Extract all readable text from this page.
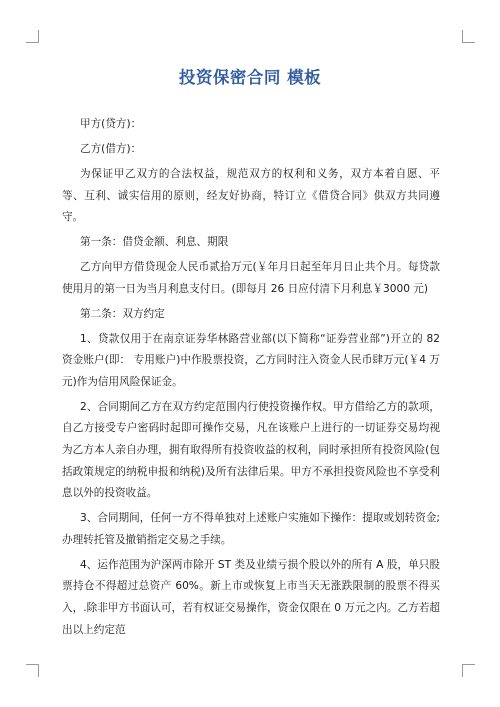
投资保密合同 模板

甲方(贷方)：

乙方(借方)：

为保证甲乙双方的合法权益，规范双方的权利和义务，双方本着自愿、平等、互利、诚实信用的原则，经友好协商，特订立《借贷合同》供双方共同遵守。

第一条：借贷金额、利息、期限

乙方向甲方借贷现金人民币贰拾万元(￥年月日起至年月日止共个月。每贷款使用月的第一日为当月利息支付日。(即每月 26 日应付清下月利息￥3000 元)

第二条：双方约定

1、贷款仅用于在南京证券华林路营业部(以下简称“证券营业部”)开立的 82 资金账户(即： 专用账户)中作股票投资，乙方同时注入资金人民币肆万元(￥4 万元)作为信用风险保证金。

2、合同期间乙方在双方约定范围内行使投资操作权。甲方借给乙方的款项，自乙方接受专户密码时起即可操作交易，凡在该账户上进行的一切证券交易均视为乙方本人亲自办理，拥有取得所有投资收益的权利，同时承担所有投资风险(包括政策规定的纳税申报和纳税)及所有法律后果。甲方不承担投资风险也不享受利息以外的投资收益。

3、合同期间，任何一方不得单独对上述账户实施如下操作：提取或划转资金; 办理转托管及撤销指定交易之手续。

4、运作范围为沪深两市除开 ST 类及业绩亏损个股以外的所有 A 股，单只股票持仓不得超过总资产 60%。新上市或恢复上市当天无涨跌限制的股票不得买入，.除非甲方书面认可，若有权证交易操作，资金仅限在 0 万元之内。乙方若超出以上约定范
